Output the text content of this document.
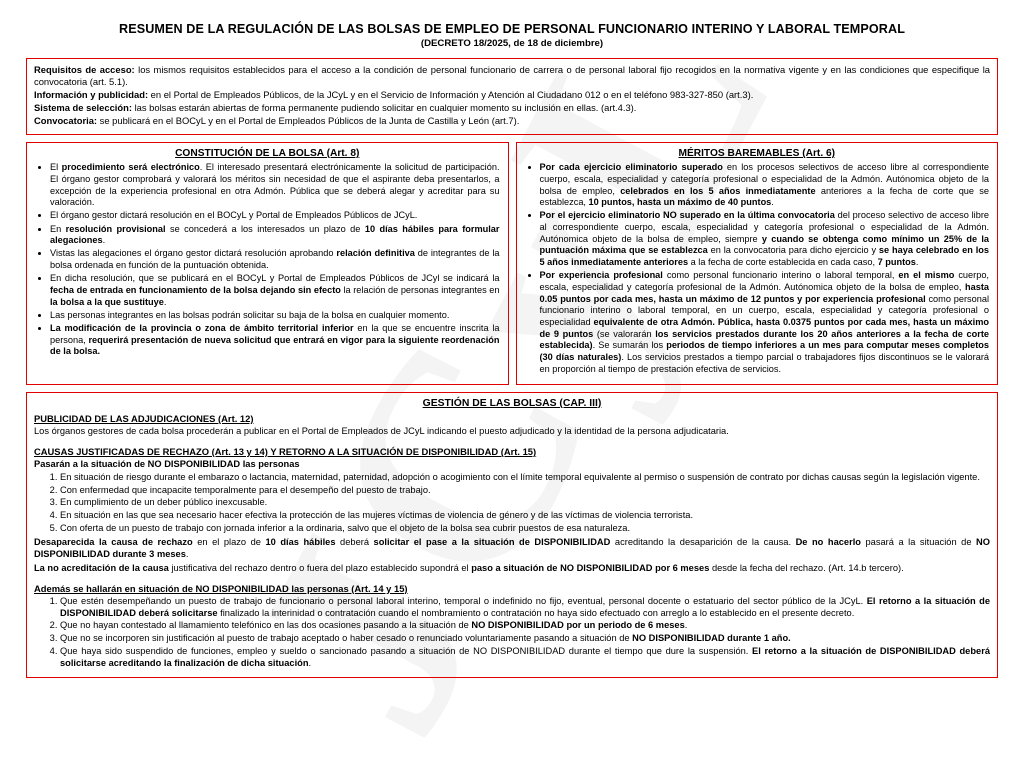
RESUMEN DE LA REGULACIÓN DE LAS BOLSAS DE EMPLEO DE PERSONAL FUNCIONARIO INTERINO Y LABORAL TEMPORAL
(DECRETO 18/2025, de 18 de diciembre)

Requisitos de acceso: los mismos requisitos establecidos para el acceso a la condición de personal funcionario de carrera o de personal laboral fijo recogidos en la normativa vigente y en las condiciones que especifique la convocatoria (art. 5.1).

Información y publicidad: en el Portal de Empleados Públicos, de la JCyL y en el Servicio de Información y Atención al Ciudadano 012 o en el teléfono 983-327-850 (art.3).

Sistema de selección: las bolsas estarán abiertas de forma permanente pudiendo solicitar en cualquier momento su inclusión en ellas. (art.4.3).

Convocatoria: se publicará en el BOCyL y en el Portal de Empleados Públicos de la Junta de Castilla y León (art.7).

CONSTITUCIÓN DE LA BOLSA (Art. 8)
• El procedimiento será electrónico. El interesado presentará electrónicamente la solicitud de participación. El órgano gestor comprobará y valorará los méritos sin necesidad de que el aspirante deba presentarlos, a excepción de la experiencia profesional en otra Admón. Pública que se deberá alegar y acreditar para su valoración.
• El órgano gestor dictará resolución en el BOCyL y Portal de Empleados Públicos de JCyL.
• En resolución provisional se concederá a los interesados un plazo de 10 días hábiles para formular alegaciones.
• Vistas las alegaciones el órgano gestor dictará resolución aprobando relación definitiva de integrantes de la bolsa ordenada en función de la puntuación obtenida.
• En dicha resolución, que se publicará en el BOCyL y Portal de Empleados Públicos de JCyl se indicará la fecha de entrada en funcionamiento de la bolsa dejando sin efecto la relación de personas integrantes en la bolsa a la que sustituye.
• Las personas integrantes en las bolsas podrán solicitar su baja de la bolsa en cualquier momento.
• La modificación de la provincia o zona de ámbito territorial inferior en la que se encuentre inscrita la persona, requerirá presentación de nueva solicitud que entrará en vigor para la siguiente reordenación de la bolsa.
MÉRITOS BAREMABLES (Art. 6)
• Por cada ejercicio eliminatorio superado en los procesos selectivos de acceso libre al correspondiente cuerpo, escala, especialidad y categoría profesional o especialidad de la Admón. Autónomica objeto de la bolsa de empleo, celebrados en los 5 años inmediatamente anteriores a la fecha de corte que se establezca, 10 puntos, hasta un máximo de 40 puntos.
• Por el ejercicio eliminatorio NO superado en la última convocatoria del proceso selectivo de acceso libre al correspondiente cuerpo, escala, especialidad y categoría profesional o especialidad de la Admón. Autónomica objeto de la bolsa de empleo, siempre y cuando se obtenga como mínimo un 25% de la puntuación máxima que se establezca en la convocatoria para dicho ejercicio y se haya celebrado en los 5 años inmediatamente anteriores a la fecha de corte establecida en cada caso, 7 puntos.
• Por experiencia profesional como personal funcionario interino o laboral temporal, en el mismo cuerpo, escala, especialidad y categoría profesional de la Admón. Autónomica objeto de la bolsa de empleo, hasta 0.05 puntos por cada mes, hasta un máximo de 12 puntos y por experiencia profesional como personal funcionario interino o laboral temporal, en un cuerpo, escala, especialidad y categoría profesional o especialidad equivalente de otra Admón. Pública, hasta 0.0375 puntos por cada mes, hasta un máximo de 9 puntos (se valorarán los servicios prestados durante los 20 años anteriores a la fecha de corte establecida). Se sumarán los periodos de tiempo inferiores a un mes para computar meses completos (30 días naturales). Los servicios prestados a tiempo parcial o trabajadores fijos discontinuos se le valorará en proporción al tiempo de prestación efectiva de servicios.
GESTIÓN DE LAS BOLSAS (CAP. III)
PUBLICIDAD DE LAS ADJUDICACIONES (Art. 12)
Los órganos gestores de cada bolsa procederán a publicar en el Portal de Empleados de JCyL indicando el puesto adjudicado y la identidad de la persona adjudicataria.
CAUSAS JUSTIFICADAS DE RECHAZO (Art. 13 y 14) Y RETORNO A LA SITUACIÓN DE DISPONIBILIDAD (Art. 15)
Pasarán a la situación de NO DISPONIBILIDAD las personas
1. En situación de riesgo durante el embarazo o lactancia, maternidad, paternidad, adopción o acogimiento con el límite temporal equivalente al permiso o suspensión de contrato por dichas causas según la legislación vigente.
2. Con enfermedad que incapacite temporalmente para el desempeño del puesto de trabajo.
3. En cumplimiento de un deber público inexcusable.
4. En situación en las que sea necesario hacer efectiva la protección de las mujeres víctimas de violencia de género y de las víctimas de violencia terrorista.
5. Con oferta de un puesto de trabajo con jornada inferior a la ordinaria, salvo que el objeto de la bolsa sea cubrir puestos de esa naturaleza.
Desaparecida la causa de rechazo en el plazo de 10 días hábiles deberá solicitar el pase a la situación de DISPONIBILIDAD acreditando la desaparición de la causa. De no hacerlo pasará a la situación de NO DISPONIBILIDAD durante 3 meses.
La no acreditación de la causa justificativa del rechazo dentro o fuera del plazo establecido supondrá el paso a situación de NO DISPONIBILIDAD por 6 meses desde la fecha del rechazo. (Art. 14.b tercero).
Además se hallarán en situación de NO DISPONIBILIDAD las personas (Art. 14 y 15)
1. Que estén desempeñando un puesto de trabajo de funcionario o personal laboral interino, temporal o indefinido no fijo, eventual, personal docente o estatuario del sector público de la JCyL. El retorno a la situación de DISPONIBILIDAD deberá solicitarse finalizado la interinidad o contratación cuando el nombramiento o contratación no haya sido efectuado con arreglo a lo establecido en el presente decreto.
2. Que no hayan contestado al llamamiento telefónico en las dos ocasiones pasando a la situación de NO DISPONIBILIDAD por un periodo de 6 meses.
3. Que no se incorporen sin justificación al puesto de trabajo aceptado o haber cesado o renunciado voluntariamente pasando a situación de NO DISPONIBILIDAD durante 1 año.
4. Que haya sido suspendido de funciones, empleo y sueldo o sancionado pasando a situación de NO DISPONIBILIDAD durante el tiempo que dure la suspensión. El retorno a la situación de DISPONIBILIDAD deberá solicitarse acreditando la finalización de dicha situación.
